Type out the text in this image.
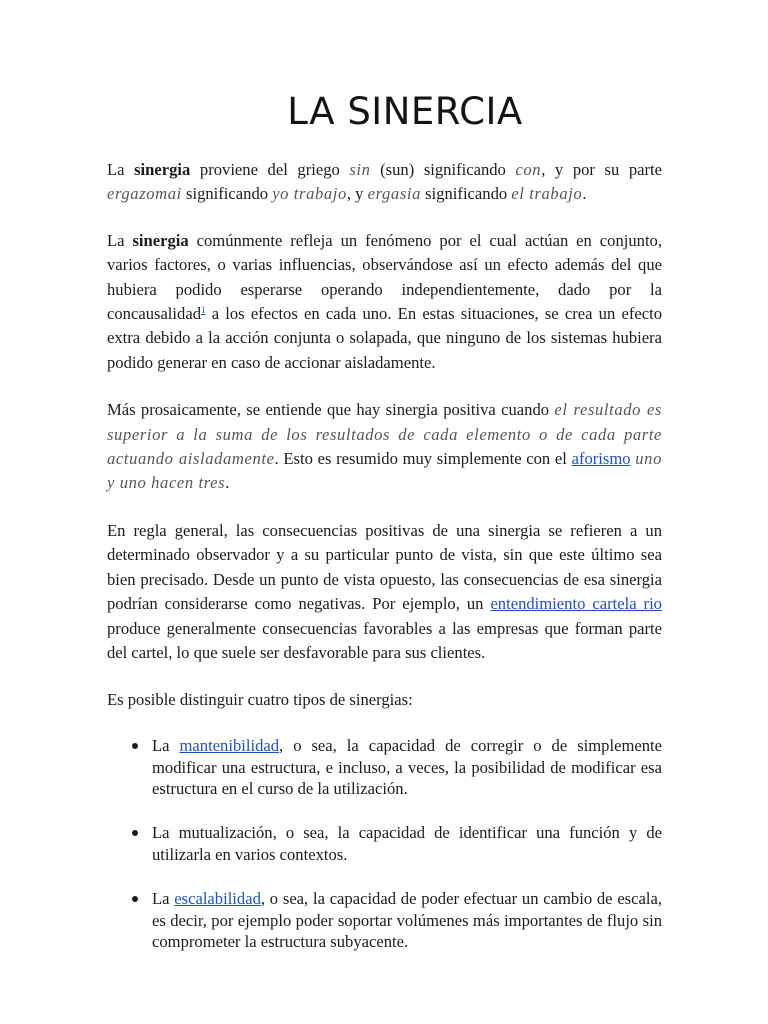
LA SINERCIA

La sinergia proviene del griego sin (sun) significando con, y por su parte ergazomai significando yo trabajo, y ergasia significando el trabajo.

La sinergia comúnmente refleja un fenómeno por el cual actúan en conjunto, varios factores, o varias influencias, observándose así un efecto además del que hubiera podido esperarse operando independientemente, dado por la concausalidad$^1$ a los efectos en cada uno. En estas situaciones, se crea un efecto extra debido a la acción conjunta o solapada, que ninguno de los sistemas hubiera podido generar en caso de accionar aisladamente.

Más prosaicamente, se entiende que hay sinergia positiva cuando el resultado es superior a la suma de los resultados de cada elemento o de cada parte actuando aisladamente. Esto es resumido muy simplemente con el aforismo uno y uno hacen tres.

En regla general, las consecuencias positivas de una sinergia se refieren a un determinado observador y a su particular punto de vista, sin que este último sea bien precisado. Desde un punto de vista opuesto, las consecuencias de esa sinergia podrían considerarse como negativas. Por ejemplo, un entendimiento cartela rio produce generalmente consecuencias favorables a las empresas que forman parte del cartel, lo que suele ser desfavorable para sus clientes.

Es posible distinguir cuatro tipos de sinergias:

La mantenibilidad, o sea, la capacidad de corregir o de simplemente modificar una estructura, e incluso, a veces, la posibilidad de modificar esa estructura en el curso de la utilización.
La mutualización, o sea, la capacidad de identificar una función y de utilizarla en varios contextos.
La escalabilidad, o sea, la capacidad de poder efectuar un cambio de escala, es decir, por ejemplo poder soportar volúmenes más importantes de flujo sin comprometer la estructura subyacente.
